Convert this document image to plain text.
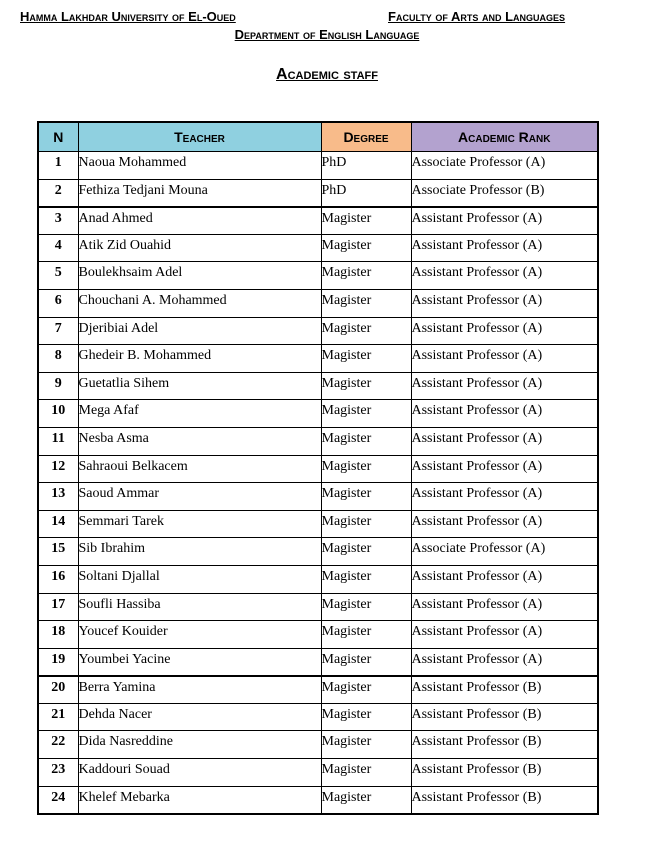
Hamma Lakhdar University of El-Oued	Faculty of Arts and Languages
Department of English Language
Academic staff
N	Teacher	Degree	Academic Rank
1	Naoua Mohammed	PhD	Associate Professor (A)
2	Fethiza Tedjani Mouna	PhD	Associate Professor (B)
3	Anad Ahmed	Magister	Assistant Professor (A)
4	Atik Zid Ouahid	Magister	Assistant Professor (A)
5	Boulekhsaim Adel	Magister	Assistant Professor (A)
6	Chouchani A. Mohammed	Magister	Assistant Professor (A)
7	Djeribiai Adel	Magister	Assistant Professor (A)
8	Ghedeir B. Mohammed	Magister	Assistant Professor (A)
9	Guetatlia Sihem	Magister	Assistant Professor (A)
10	Mega Afaf	Magister	Assistant Professor (A)
11	Nesba Asma	Magister	Assistant Professor (A)
12	Sahraoui Belkacem	Magister	Assistant Professor (A)
13	Saoud Ammar	Magister	Assistant Professor (A)
14	Semmari Tarek	Magister	Assistant Professor (A)
15	Sib Ibrahim	Magister	Associate Professor (A)
16	Soltani Djallal	Magister	Assistant Professor (A)
17	Soufli Hassiba	Magister	Assistant Professor (A)
18	Youcef Kouider	Magister	Assistant Professor (A)
19	Youmbei Yacine	Magister	Assistant Professor (A)
20	Berra Yamina	Magister	Assistant Professor (B)
21	Dehda Nacer	Magister	Assistant Professor (B)
22	Dida Nasreddine	Magister	Assistant Professor (B)
23	Kaddouri Souad	Magister	Assistant Professor (B)
24	Khelef Mebarka	Magister	Assistant Professor (B)
